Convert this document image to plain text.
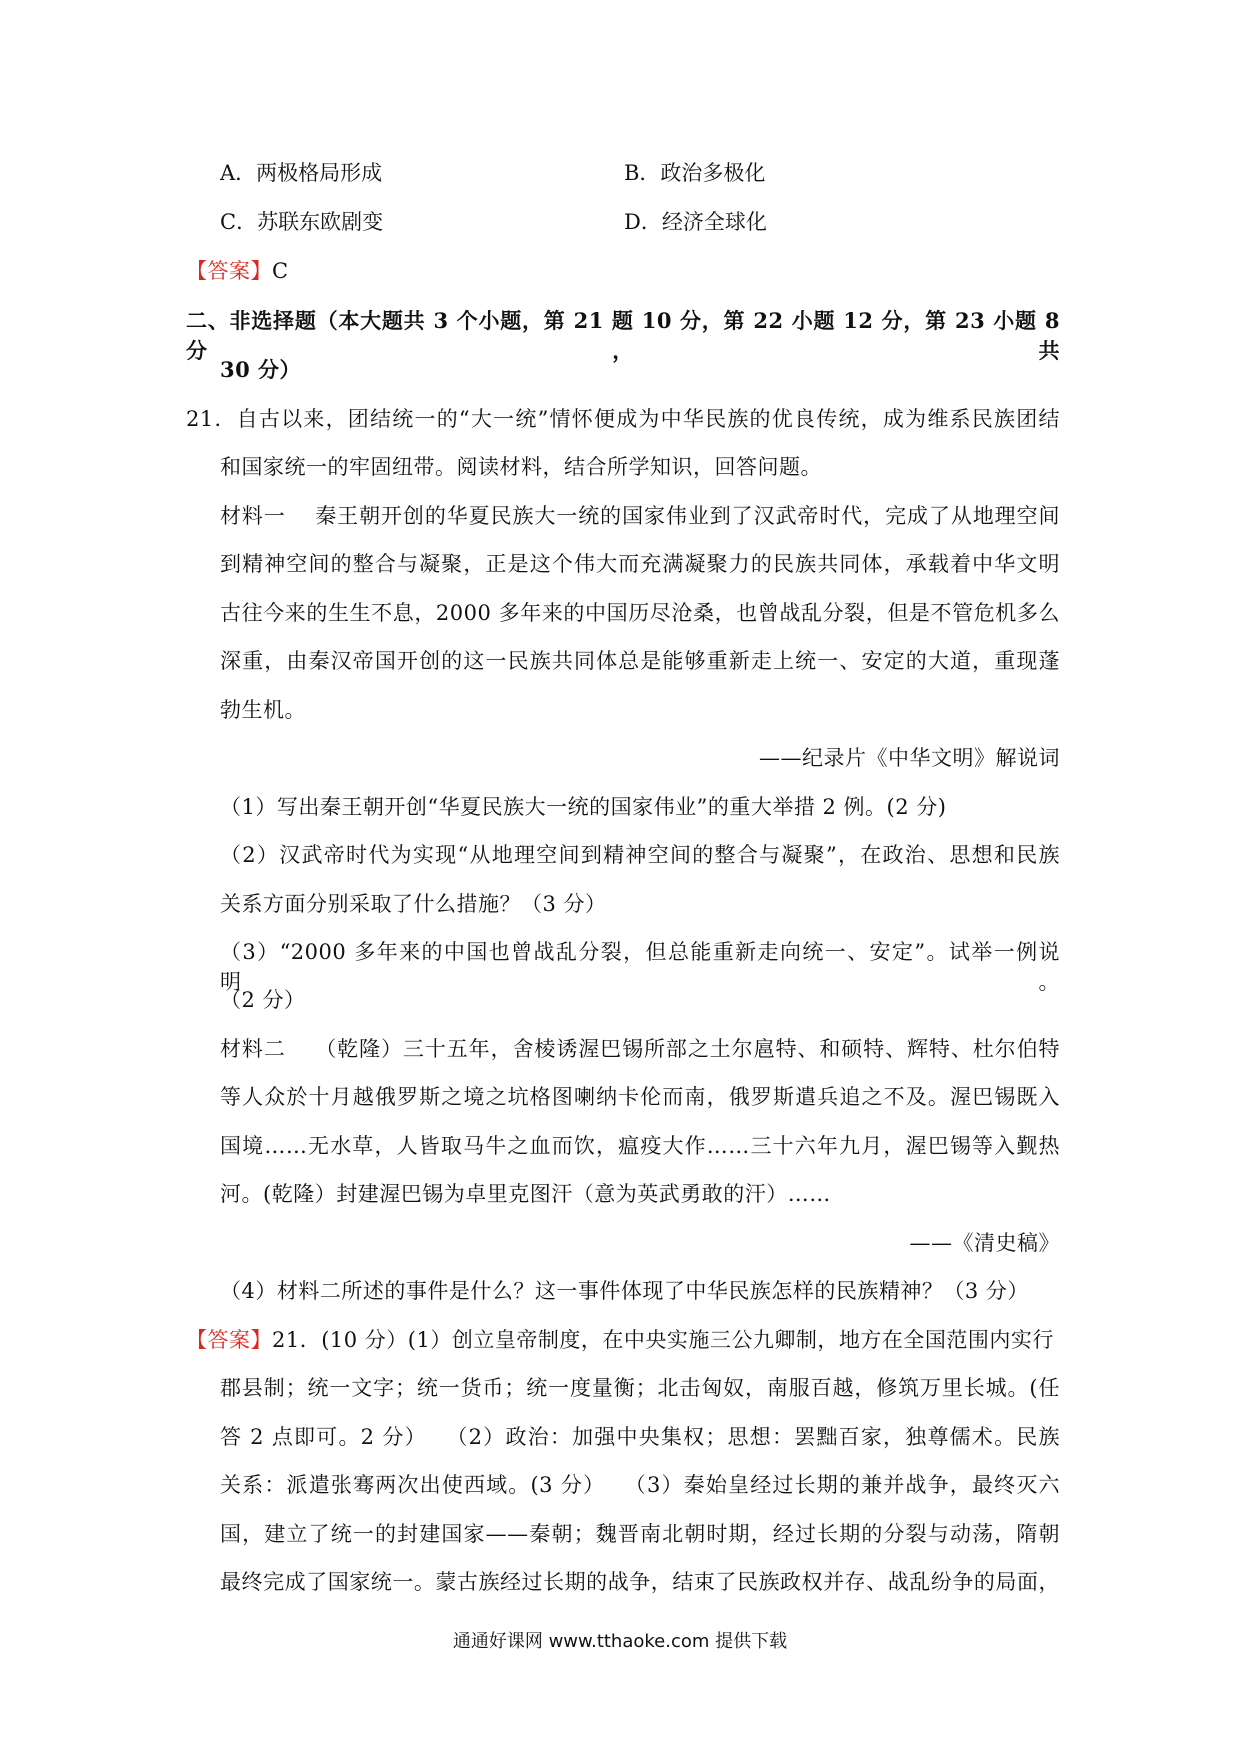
A．两极格局形成	B．政治多极化
C．苏联东欧剧变	D．经济全球化
【答案】C
二、非选择题（本大题共 3 个小题，第 21 题 10 分，第 22 小题 12 分，第 23 小题 8 分，共
30 分）
21．自古以来，团结统一的“大一统”情怀便成为中华民族的优良传统，成为维系民族团结
和国家统一的牢固纽带。阅读材料，结合所学知识，回答问题。
材料一　 秦王朝开创的华夏民族大一统的国家伟业到了汉武帝时代，完成了从地理空间
到精神空间的整合与凝聚，正是这个伟大而充满凝聚力的民族共同体，承载着中华文明
古往今来的生生不息，2000 多年来的中国历尽沧桑，也曾战乱分裂，但是不管危机多么
深重，由秦汉帝国开创的这一民族共同体总是能够重新走上统一、安定的大道，重现蓬
勃生机。
——纪录片《中华文明》解说词
（1）写出秦王朝开创“华夏民族大一统的国家伟业”的重大举措 2 例。(2 分)
（2）汉武帝时代为实现“从地理空间到精神空间的整合与凝聚”，在政治、思想和民族
关系方面分别采取了什么措施？（3 分）
（3）“2000 多年来的中国也曾战乱分裂，但总能重新走向统一、安定”。试举一例说明。
（2 分）
材料二　 （乾隆）三十五年，舍棱诱渥巴锡所部之土尔扈特、和硕特、辉特、杜尔伯特
等人众於十月越俄罗斯之境之坑格图喇纳卡伦而南，俄罗斯遣兵追之不及。渥巴锡既入
国境……无水草，人皆取马牛之血而饮，瘟疫大作……三十六年九月，渥巴锡等入觐热
河。(乾隆）封建渥巴锡为卓里克图汗（意为英武勇敢的汗）……
——《清史稿》
（4）材料二所述的事件是什么？这一事件体现了中华民族怎样的民族精神？（3 分）
【答案】21．(10 分）(1）创立皇帝制度，在中央实施三公九卿制，地方在全国范围内实行
郡县制；统一文字；统一货币；统一度量衡；北击匈奴，南服百越，修筑万里长城。(任
答 2 点即可。2 分）　 （2）政治：加强中央集权；思想：罢黜百家，独尊儒术。民族
关系：派遣张骞两次出使西域。(3 分）　 （3）秦始皇经过长期的兼并战争，最终灭六
国，建立了统一的封建国家——秦朝；魏晋南北朝时期，经过长期的分裂与动荡，隋朝
最终完成了国家统一。蒙古族经过长期的战争，结束了民族政权并存、战乱纷争的局面，
通通好课网 www.tthaoke.com 提供下载
